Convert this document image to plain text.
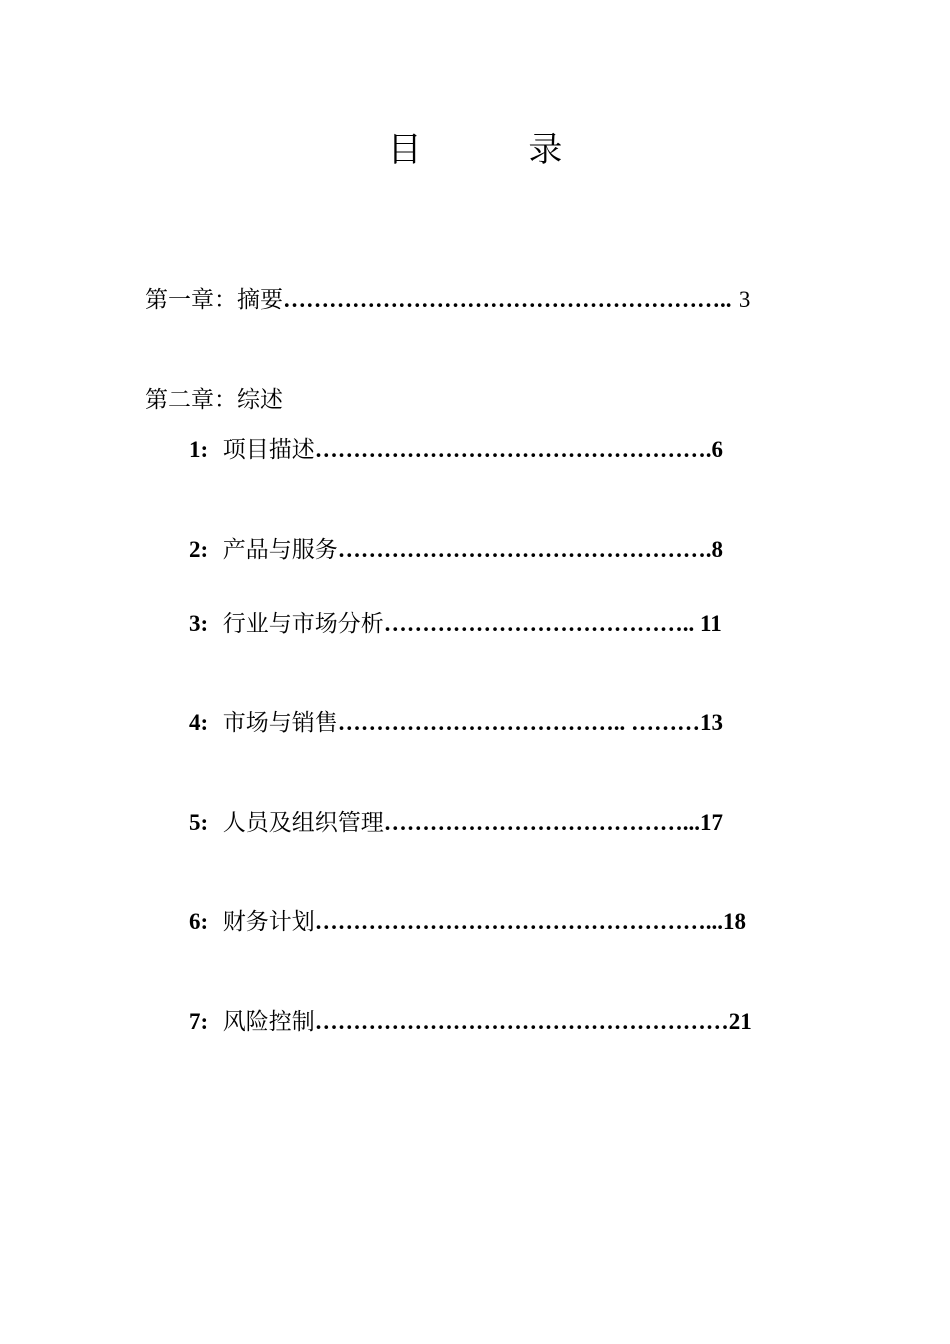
目 录
第一章：摘要………………………………………………….. 3
第二章：综述
1: 项目描述…………………………………………….6
2: 产品与服务………………………………………….8
3: 行业与市场分析………………………………….. 11
4: 市场与销售……………………………….. ………13
5: 人员及组织管理…………………………………...17
6: 财务计划……………………………………………...18
7: 风险控制………………………………………………21
